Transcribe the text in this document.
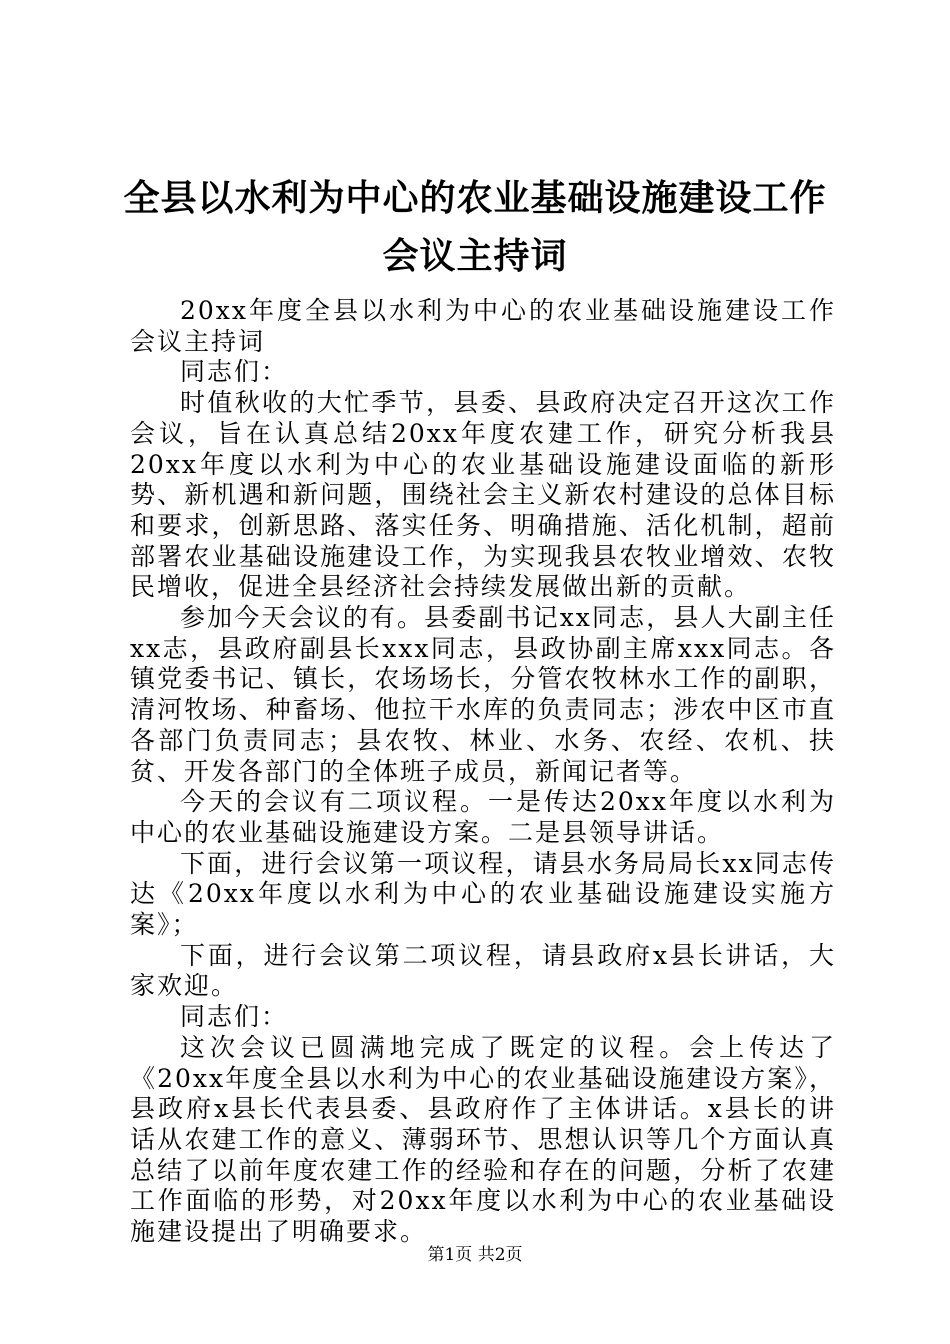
全县以水利为中心的农业基础设施建设工作会议主持词

20xx年度全县以水利为中心的农业基础设施建设工作会议主持词

同志们：

时值秋收的大忙季节，县委、县政府决定召开这次工作会议，旨在认真总结20xx年度农建工作，研究分析我县20xx年度以水利为中心的农业基础设施建设面临的新形势、新机遇和新问题，围绕社会主义新农村建设的总体目标和要求，创新思路、落实任务、明确措施、活化机制，超前部署农业基础设施建设工作，为实现我县农牧业增效、农牧民增收，促进全县经济社会持续发展做出新的贡献。

参加今天会议的有。县委副书记xx同志，县人大副主任xx志，县政府副县长xxx同志，县政协副主席xxx同志。各镇党委书记、镇长，农场场长，分管农牧林水工作的副职，清河牧场、种畜场、他拉干水库的负责同志；涉农中区市直各部门负责同志；县农牧、林业、水务、农经、农机、扶贫、开发各部门的全体班子成员，新闻记者等。

今天的会议有二项议程。一是传达20xx年度以水利为中心的农业基础设施建设方案。二是县领导讲话。

下面，进行会议第一项议程，请县水务局局长xx同志传达《20xx年度以水利为中心的农业基础设施建设实施方案》；

下面，进行会议第二项议程，请县政府x县长讲话，大家欢迎。

同志们：

这次会议已圆满地完成了既定的议程。会上传达了《20xx年度全县以水利为中心的农业基础设施建设方案》，县政府x县长代表县委、县政府作了主体讲话。x县长的讲话从农建工作的意义、薄弱环节、思想认识等几个方面认真总结了以前年度农建工作的经验和存在的问题，分析了农建工作面临的形势，对20xx年度以水利为中心的农业基础设施建设提出了明确要求。

第1页 共2页
